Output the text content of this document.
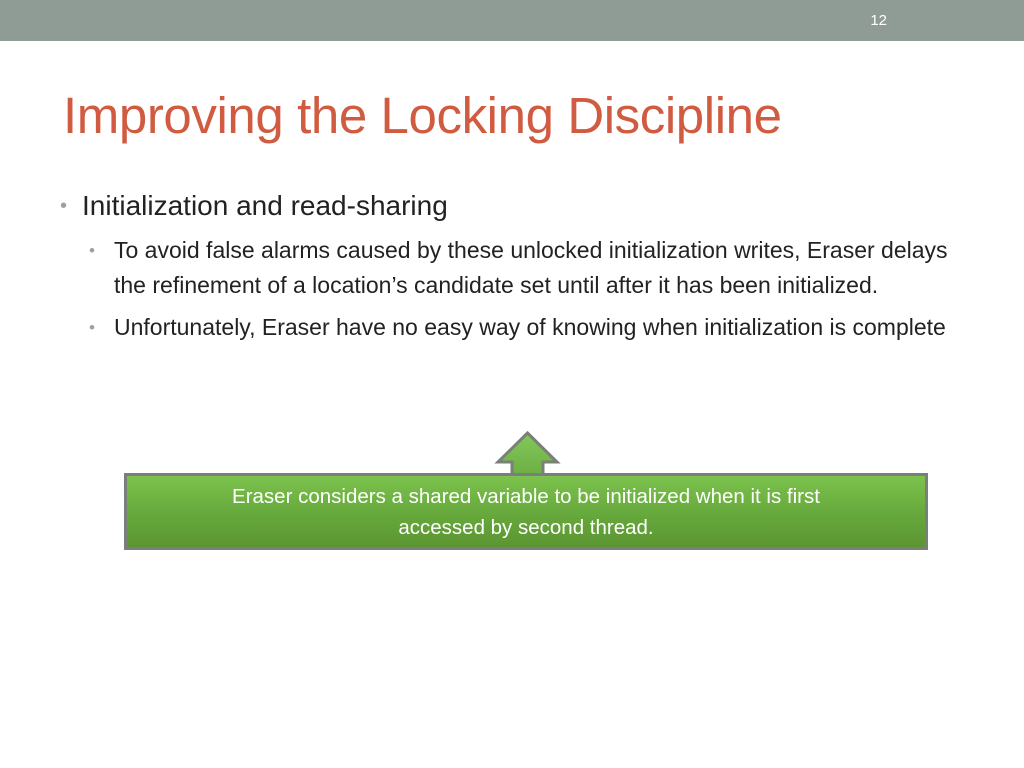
12
Improving the Locking Discipline
• Initialization and read-sharing
• To avoid false alarms caused by these unlocked initialization writes, Eraser delays the refinement of a location’s candidate set until after it has been initialized.
• Unfortunately, Eraser have no easy way of knowing when initialization is complete
Eraser considers a shared variable to be initialized when it is first accessed by second thread.
